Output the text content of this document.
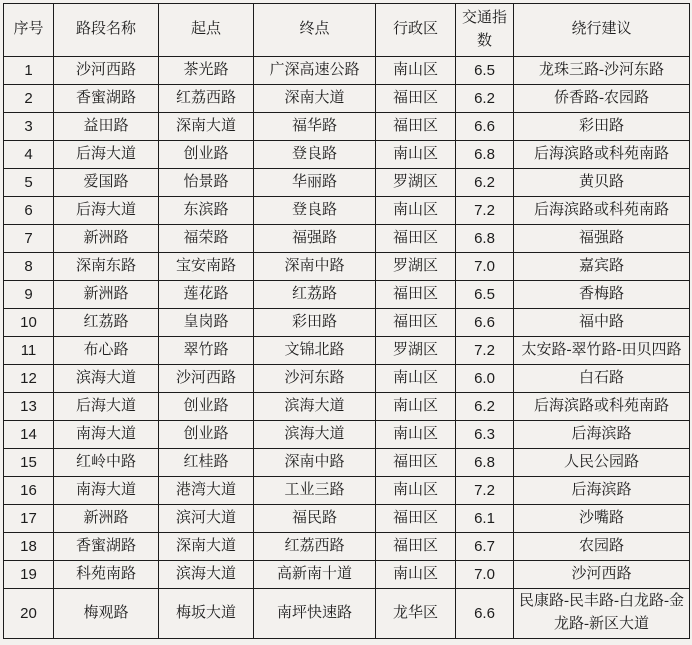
序号	路段名称	起点	终点	行政区	交通指数	绕行建议
1	沙河西路	茶光路	广深高速公路	南山区	6.5	龙珠三路-沙河东路
2	香蜜湖路	红荔西路	深南大道	福田区	6.2	侨香路-农园路
3	益田路	深南大道	福华路	福田区	6.6	彩田路
4	后海大道	创业路	登良路	南山区	6.8	后海滨路或科苑南路
5	爱国路	怡景路	华丽路	罗湖区	6.2	黄贝路
6	后海大道	东滨路	登良路	南山区	7.2	后海滨路或科苑南路
7	新洲路	福荣路	福强路	福田区	6.8	福强路
8	深南东路	宝安南路	深南中路	罗湖区	7.0	嘉宾路
9	新洲路	莲花路	红荔路	福田区	6.5	香梅路
10	红荔路	皇岗路	彩田路	福田区	6.6	福中路
11	布心路	翠竹路	文锦北路	罗湖区	7.2	太安路-翠竹路-田贝四路
12	滨海大道	沙河西路	沙河东路	南山区	6.0	白石路
13	后海大道	创业路	滨海大道	南山区	6.2	后海滨路或科苑南路
14	南海大道	创业路	滨海大道	南山区	6.3	后海滨路
15	红岭中路	红桂路	深南中路	福田区	6.8	人民公园路
16	南海大道	港湾大道	工业三路	南山区	7.2	后海滨路
17	新洲路	滨河大道	福民路	福田区	6.1	沙嘴路
18	香蜜湖路	深南大道	红荔西路	福田区	6.7	农园路
19	科苑南路	滨海大道	高新南十道	南山区	7.0	沙河西路
20	梅观路	梅坂大道	南坪快速路	龙华区	6.6	民康路-民丰路-白龙路-金龙路-新区大道
